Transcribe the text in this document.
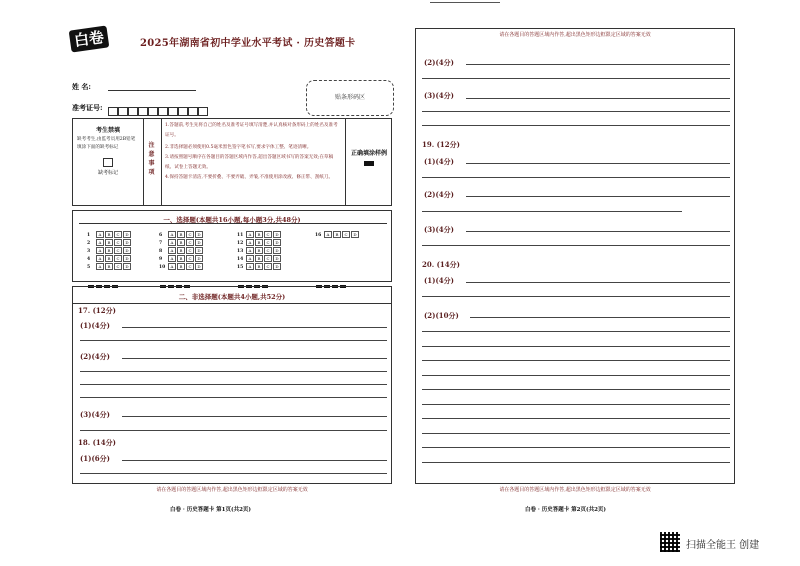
白卷	2025年湖南省初中学业水平考试 · 历史答题卡
姓 名:
准考证号:
贴条形码区
考生禁填
缺考考生,由监考员用2B铅笔填涂下面的缺考标记
缺考标记
注意事项
1.答题前,考生先将自己的姓名及准考证号填写清楚,并认真核对条形码上的姓名及准考证号。
2.非选择题必须使用0.5毫米黑色签字笔书写,要求字体工整、笔迹清晰。
3.请按照题号顺序在各题目的答题区域内作答,超出答题区域书写的答案无效;在草稿纸、试卷上答题无效。
4.保持答题卡清洁,不要折叠、不要弄破、弄皱,不准使用涂改液、修正带、刮纸刀。
正确填涂样例
一、选择题(本题共16小题,每小题3分,共48分)
1 A B C D
2 A B C D
3 A B C D
4 A B C D
5 A B C D
6 A B C D
7 A B C D
8 A B C D
9 A B C D
10 A B C D
11 A B C D
12 A B C D
13 A B C D
14 A B C D
15 A B C D
16 A B C D
二、非选择题(本题共4小题,共52分)
17. (12分)
(1)(4分)
(2)(4分)
(3)(4分)
18. (14分)
(1)(6分)
请在各题目的答题区域内作答,超出黑色矩形边框限定区域的答案无效
白卷 · 历史答题卡 第1页(共2页)
请在各题目的答题区域内作答,超出黑色矩形边框限定区域的答案无效
(2)(4分)
(3)(4分)
19. (12分)
(1)(4分)
(2)(4分)
(3)(4分)
20. (14分)
(1)(4分)
(2)(10分)
请在各题目的答题区域内作答,超出黑色矩形边框限定区域的答案无效
白卷 · 历史答题卡 第2页(共2页)
扫描全能王 创建
